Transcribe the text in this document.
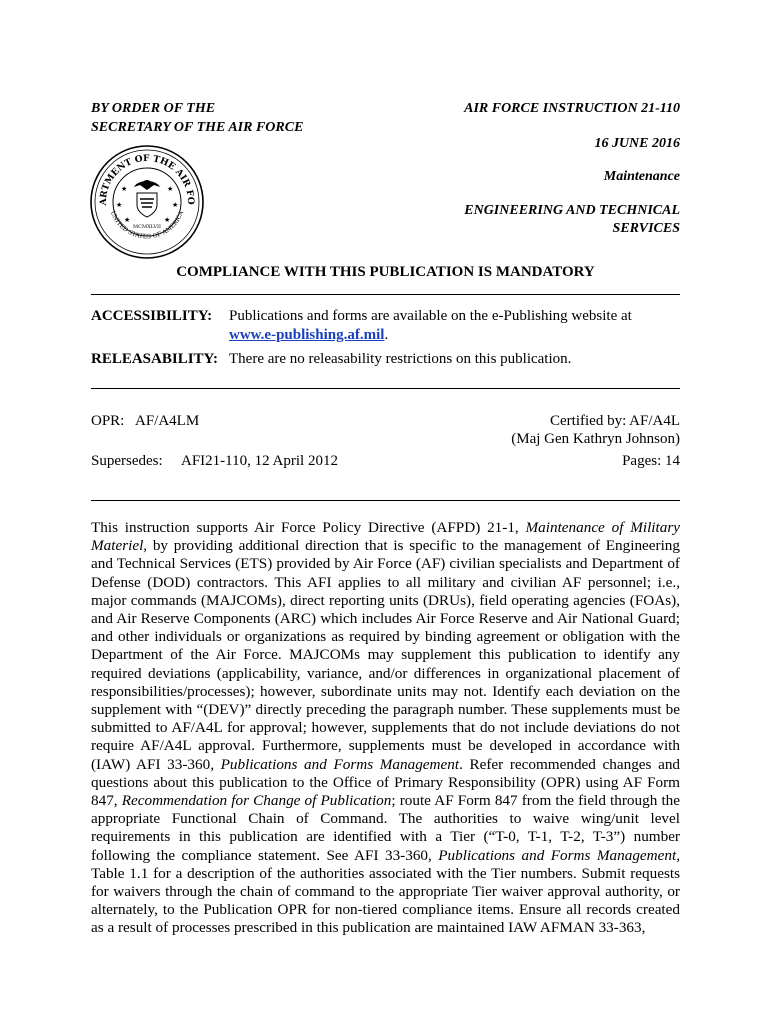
BY ORDER OF THE
SECRETARY OF THE AIR FORCE
AIR FORCE INSTRUCTION 21-110
16 JUNE 2016
Maintenance
ENGINEERING AND TECHNICAL
SERVICES
ARTMENT OF THE AIR FO
UNITED STATES OF AMERICA
★	★
★	★
★	★
MCMXLVII
COMPLIANCE WITH THIS PUBLICATION IS MANDATORY
ACCESSIBILITY: Publications and forms are available on the e-Publishing website at
www.e-publishing.af.mil.
RELEASABILITY: There are no releasability restrictions on this publication.
OPR: AF/A4LM	Certified by: AF/A4L
(Maj Gen Kathryn Johnson)
Supersedes: AFI21-110, 12 April 2012	Pages: 14
This instruction supports Air Force Policy Directive (AFPD) 21-1, Maintenance of Military Materiel, by providing additional direction that is specific to the management of Engineering and Technical Services (ETS) provided by Air Force (AF) civilian specialists and Department of Defense (DOD) contractors. This AFI applies to all military and civilian AF personnel; i.e., major commands (MAJCOMs), direct reporting units (DRUs), field operating agencies (FOAs), and Air Reserve Components (ARC) which includes Air Force Reserve and Air National Guard; and other individuals or organizations as required by binding agreement or obligation with the Department of the Air Force. MAJCOMs may supplement this publication to identify any required deviations (applicability, variance, and/or differences in organizational placement of responsibilities/processes); however, subordinate units may not. Identify each deviation on the supplement with “(DEV)” directly preceding the paragraph number. These supplements must be submitted to AF/A4L for approval; however, supplements that do not include deviations do not require AF/A4L approval. Furthermore, supplements must be developed in accordance with (IAW) AFI 33-360, Publications and Forms Management. Refer recommended changes and questions about this publication to the Office of Primary Responsibility (OPR) using AF Form 847, Recommendation for Change of Publication; route AF Form 847 from the field through the appropriate Functional Chain of Command. The authorities to waive wing/unit level requirements in this publication are identified with a Tier (“T-0, T-1, T-2, T-3”) number following the compliance statement. See AFI 33-360, Publications and Forms Management, Table 1.1 for a description of the authorities associated with the Tier numbers. Submit requests for waivers through the chain of command to the appropriate Tier waiver approval authority, or alternately, to the Publication OPR for non-tiered compliance items. Ensure all records created as a result of processes prescribed in this publication are maintained IAW AFMAN 33-363,
